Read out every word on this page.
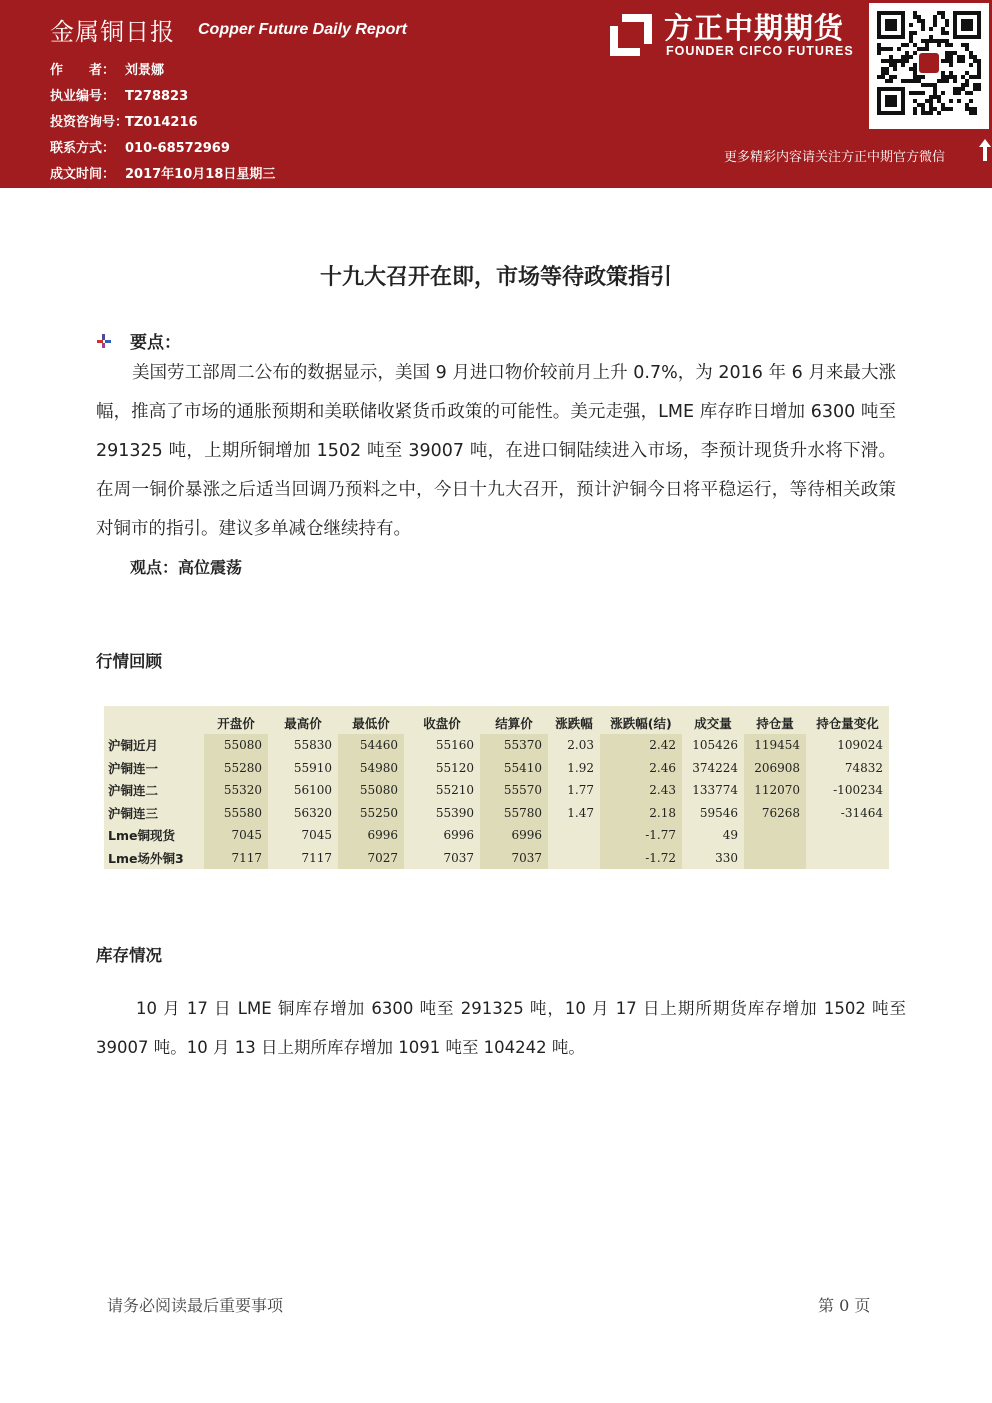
金属铜日报 Copper Future Daily Report
作　　者： 刘景娜
执业编号： T278823
投资咨询号：TZ014216
联系方式： 010-68572969
成文时间： 2017年10月18日星期三
方正中期期货
FOUNDER CIFCO FUTURES
更多精彩内容请关注方正中期官方微信
十九大召开在即，市场等待政策指引
要点：
美国劳工部周二公布的数据显示，美国 9 月进口物价较前月上升 0.7%，为 2016 年 6 月来最大涨幅，推高了市场的通胀预期和美联储收紧货币政策的可能性。美元走强，LME 库存昨日增加 6300 吨至 291325 吨，上期所铜增加 1502 吨至 39007 吨，在进口铜陆续进入市场，李预计现货升水将下滑。在周一铜价暴涨之后适当回调乃预料之中，今日十九大召开，预计沪铜今日将平稳运行，等待相关政策对铜市的指引。建议多单减仓继续持有。
观点：高位震荡
行情回顾
	开盘价	最高价	最低价	收盘价	结算价	涨跌幅	涨跌幅(结)	成交量	持仓量	持仓量变化
沪铜近月	55080	55830	54460	55160	55370	2.03	2.42	105426	119454	109024
沪铜连一	55280	55910	54980	55120	55410	1.92	2.46	374224	206908	74832
沪铜连二	55320	56100	55080	55210	55570	1.77	2.43	133774	112070	-100234
沪铜连三	55580	56320	55250	55390	55780	1.47	2.18	59546	76268	-31464
Lme铜现货	7045	7045	6996	6996	6996		-1.77	49		
Lme场外铜3	7117	7117	7027	7037	7037		-1.72	330		
库存情况
10 月 17 日 LME 铜库存增加 6300 吨至 291325 吨，10 月 17 日上期所期货库存增加 1502 吨至 39007 吨。10 月 13 日上期所库存增加 1091 吨至 104242 吨。
请务必阅读最后重要事项	第 0 页
